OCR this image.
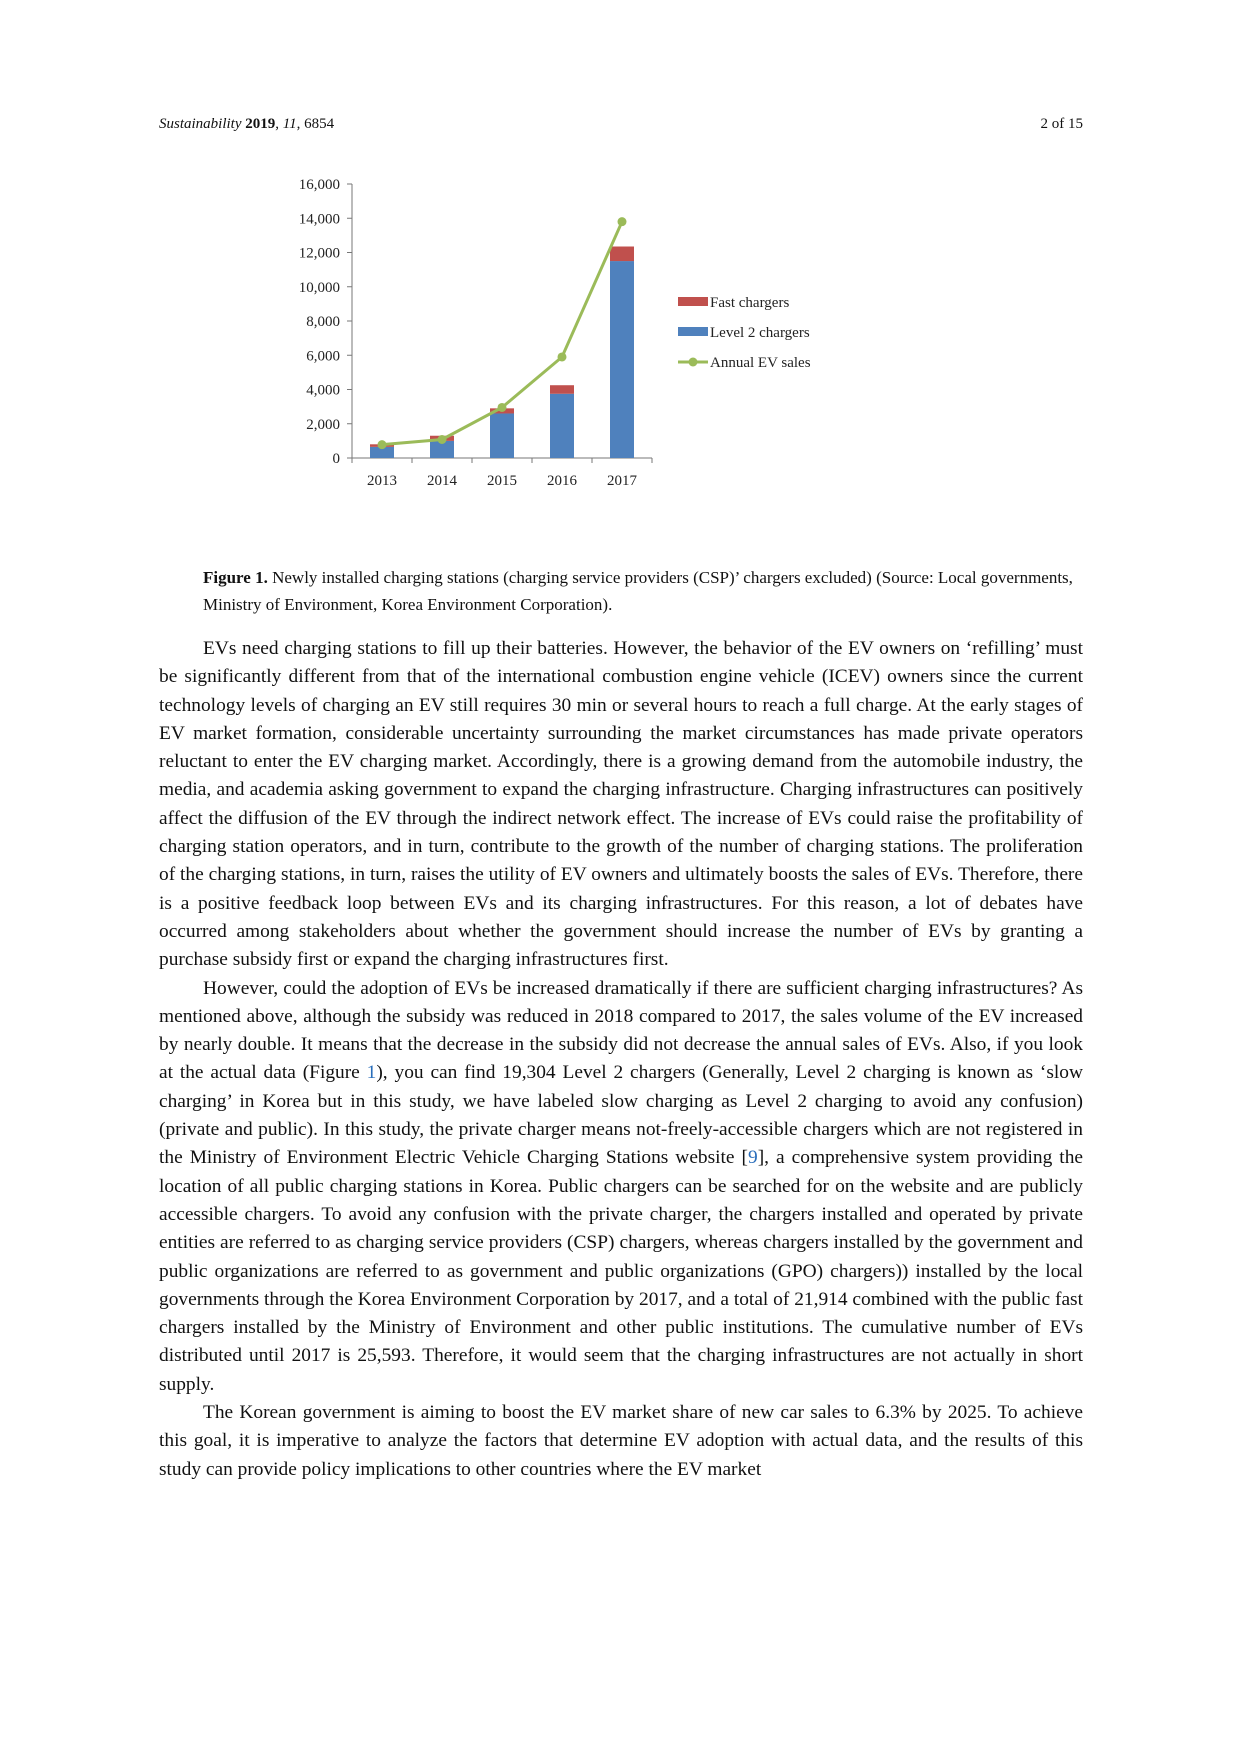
Sustainability 2019, 11, 6854	2 of 15
0
2,000
4,000
6,000
8,000
10,000
12,000
14,000
16,000
2013 2014 2015 2016 2017
Fast chargers
Level 2 chargers
Annual EV sales
Figure 1. Newly installed charging stations (charging service providers (CSP)’ chargers excluded) (Source: Local governments, Ministry of Environment, Korea Environment Corporation).

EVs need charging stations to fill up their batteries. However, the behavior of the EV owners on ‘refilling’ must be significantly different from that of the international combustion engine vehicle (ICEV) owners since the current technology levels of charging an EV still requires 30 min or several hours to reach a full charge. At the early stages of EV market formation, considerable uncertainty surrounding the market circumstances has made private operators reluctant to enter the EV charging market. Accordingly, there is a growing demand from the automobile industry, the media, and academia asking government to expand the charging infrastructure. Charging infrastructures can positively affect the diffusion of the EV through the indirect network effect. The increase of EVs could raise the profitability of charging station operators, and in turn, contribute to the growth of the number of charging stations. The proliferation of the charging stations, in turn, raises the utility of EV owners and ultimately boosts the sales of EVs. Therefore, there is a positive feedback loop between EVs and its charging infrastructures. For this reason, a lot of debates have occurred among stakeholders about whether the government should increase the number of EVs by granting a purchase subsidy first or expand the charging infrastructures first.

However, could the adoption of EVs be increased dramatically if there are sufficient charging infrastructures? As mentioned above, although the subsidy was reduced in 2018 compared to 2017, the sales volume of the EV increased by nearly double. It means that the decrease in the subsidy did not decrease the annual sales of EVs. Also, if you look at the actual data (Figure 1), you can find 19,304 Level 2 chargers (Generally, Level 2 charging is known as ‘slow charging’ in Korea but in this study, we have labeled slow charging as Level 2 charging to avoid any confusion) (private and public). In this study, the private charger means not-freely-accessible chargers which are not registered in the Ministry of Environment Electric Vehicle Charging Stations website [9], a comprehensive system providing the location of all public charging stations in Korea. Public chargers can be searched for on the website and are publicly accessible chargers. To avoid any confusion with the private charger, the chargers installed and operated by private entities are referred to as charging service providers (CSP) chargers, whereas chargers installed by the government and public organizations are referred to as government and public organizations (GPO) chargers)) installed by the local governments through the Korea Environment Corporation by 2017, and a total of 21,914 combined with the public fast chargers installed by the Ministry of Environment and other public institutions. The cumulative number of EVs distributed until 2017 is 25,593. Therefore, it would seem that the charging infrastructures are not actually in short supply.

The Korean government is aiming to boost the EV market share of new car sales to 6.3% by 2025. To achieve this goal, it is imperative to analyze the factors that determine EV adoption with actual data, and the results of this study can provide policy implications to other countries where the EV market
